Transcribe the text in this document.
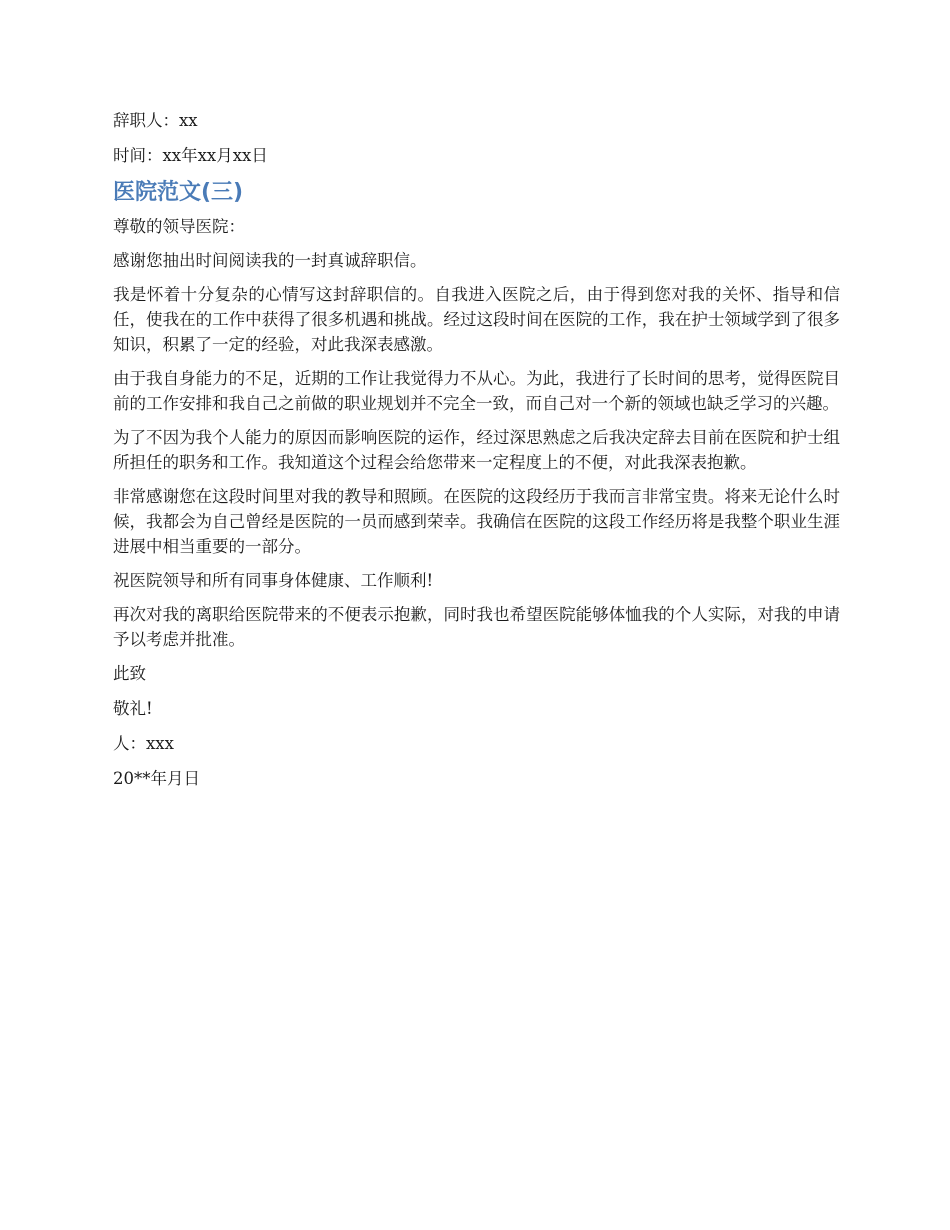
辞职人：xx

时间：xx年xx月xx日

医院范文(三)

尊敬的领导医院：

感谢您抽出时间阅读我的一封真诚辞职信。

我是怀着十分复杂的心情写这封辞职信的。自我进入医院之后，由于得到您对我的关怀、指导和信任，使我在的工作中获得了很多机遇和挑战。经过这段时间在医院的工作，我在护士领域学到了很多知识，积累了一定的经验，对此我深表感激。

由于我自身能力的不足，近期的工作让我觉得力不从心。为此，我进行了长时间的思考，觉得医院目前的工作安排和我自己之前做的职业规划并不完全一致，而自己对一个新的领域也缺乏学习的兴趣。

为了不因为我个人能力的原因而影响医院的运作，经过深思熟虑之后我决定辞去目前在医院和护士组所担任的职务和工作。我知道这个过程会给您带来一定程度上的不便，对此我深表抱歉。

非常感谢您在这段时间里对我的教导和照顾。在医院的这段经历于我而言非常宝贵。将来无论什么时候，我都会为自己曾经是医院的一员而感到荣幸。我确信在医院的这段工作经历将是我整个职业生涯进展中相当重要的一部分。

祝医院领导和所有同事身体健康、工作顺利!

再次对我的离职给医院带来的不便表示抱歉，同时我也希望医院能够体恤我的个人实际，对我的申请予以考虑并批准。

此致

敬礼!

人：xxx

20**年月日
